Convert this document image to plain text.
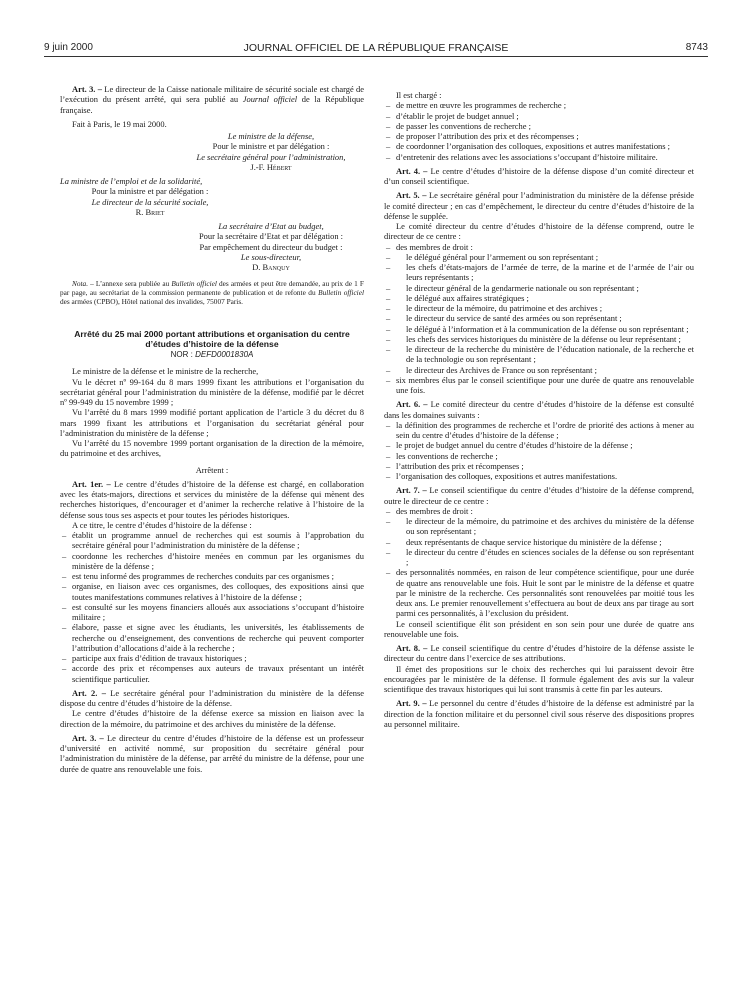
9 juin 2000	JOURNAL OFFICIEL DE LA RÉPUBLIQUE FRANÇAISE	8743

Art. 3. – Le directeur de la Caisse nationale militaire de sécurité sociale est chargé de l’exécution du présent arrêté, qui sera publié au Journal officiel de la République française.

Fait à Paris, le 19 mai 2000.

Le ministre de la défense,
Pour le ministre et par délégation :
Le secrétaire général pour l’administration,
J.-F. Hébert
La ministre de l’emploi et de la solidarité,
Pour la ministre et par délégation :
Le directeur de la sécurité sociale,
R. Briet
La secrétaire d’Etat au budget,
Pour la secrétaire d’Etat et par délégation :
Par empêchement du directeur du budget :
Le sous-directeur,
D. Banquy

Nota. – L’annexe sera publiée au Bulletin officiel des armées et peut être demandée, au prix de 1 F par page, au secrétariat de la commission permanente de publication et de refonte du Bulletin officiel des armées (CPBO), Hôtel national des invalides, 75007 Paris.

Arrêté du 25 mai 2000 portant attributions et organisation du centre d’études d’histoire de la défense
NOR : DEFD0001830A

Le ministre de la défense et le ministre de la recherche,

Vu le décret nº 99-164 du 8 mars 1999 fixant les attributions et l’organisation du secrétariat général pour l’administration du ministère de la défense, modifié par le décret nº 99-949 du 15 novembre 1999 ;

Vu l’arrêté du 8 mars 1999 modifié portant application de l’article 3 du décret du 8 mars 1999 fixant les attributions et l’organisation du secrétariat général pour l’administration du ministère de la défense ;

Vu l’arrêté du 15 novembre 1999 portant organisation de la direction de la mémoire, du patrimoine et des archives,

Arrêtent :

Art. 1er. – Le centre d’études d’histoire de la défense est chargé, en collaboration avec les états-majors, directions et services du ministère de la défense qui mènent des recherches historiques, d’encourager et d’animer la recherche relative à l’histoire de la défense sous tous ses aspects et pour toutes les périodes historiques.

A ce titre, le centre d’études d’histoire de la défense :

– établit un programme annuel de recherches qui est soumis à l’approbation du secrétaire général pour l’administration du ministère de la défense ;
– coordonne les recherches d’histoire menées en commun par les organismes du ministère de la défense ;
– est tenu informé des programmes de recherches conduits par ces organismes ;
– organise, en liaison avec ces organismes, des colloques, des expositions ainsi que toutes manifestations communes relatives à l’histoire de la défense ;
– est consulté sur les moyens financiers alloués aux associations s’occupant d’histoire militaire ;
– élabore, passe et signe avec les étudiants, les universités, les établissements de recherche ou d’enseignement, des conventions de recherche qui peuvent comporter l’attribution d’allocations d’aide à la recherche ;
– participe aux frais d’édition de travaux historiques ;
– accorde des prix et récompenses aux auteurs de travaux présentant un intérêt scientifique particulier.

Art. 2. – Le secrétaire général pour l’administration du ministère de la défense dispose du centre d’études d’histoire de la défense.

Le centre d’études d’histoire de la défense exerce sa mission en liaison avec la direction de la mémoire, du patrimoine et des archives du ministère de la défense.

Art. 3. – Le directeur du centre d’études d’histoire de la défense est un professeur d’université en activité nommé, sur proposition du secrétaire général pour l’administration du ministère de la défense, par arrêté du ministre de la défense, pour une durée de quatre ans renouvelable une fois.

Il est chargé :

– de mettre en œuvre les programmes de recherche ;
– d’établir le projet de budget annuel ;
– de passer les conventions de recherche ;
– de proposer l’attribution des prix et des récompenses ;
– de coordonner l’organisation des colloques, expositions et autres manifestations ;
– d’entretenir des relations avec les associations s’occupant d’histoire militaire.

Art. 4. – Le centre d’études d’histoire de la défense dispose d’un comité directeur et d’un conseil scientifique.

Art. 5. – Le secrétaire général pour l’administration du ministère de la défense préside le comité directeur ; en cas d’empêchement, le directeur du centre d’études d’histoire de la défense le supplée.

Le comité directeur du centre d’études d’histoire de la défense comprend, outre le directeur de ce centre :

– des membres de droit :
– le délégué général pour l’armement ou son représentant ;
– les chefs d’états-majors de l’armée de terre, de la marine et de l’armée de l’air ou leurs représentants ;
– le directeur général de la gendarmerie nationale ou son représentant ;
– le délégué aux affaires stratégiques ;
– le directeur de la mémoire, du patrimoine et des archives ;
– le directeur du service de santé des armées ou son représentant ;
– le délégué à l’information et à la communication de la défense ou son représentant ;
– les chefs des services historiques du ministère de la défense ou leur représentant ;
– le directeur de la recherche du ministère de l’éducation nationale, de la recherche et de la technologie ou son représentant ;
– le directeur des Archives de France ou son représentant ;
– six membres élus par le conseil scientifique pour une durée de quatre ans renouvelable une fois.

Art. 6. – Le comité directeur du centre d’études d’histoire de la défense est consulté dans les domaines suivants :

– la définition des programmes de recherche et l’ordre de priorité des actions à mener au sein du centre d’études d’histoire de la défense ;
– le projet de budget annuel du centre d’études d’histoire de la défense ;
– les conventions de recherche ;
– l’attribution des prix et récompenses ;
– l’organisation des colloques, expositions et autres manifestations.

Art. 7. – Le conseil scientifique du centre d’études d’histoire de la défense comprend, outre le directeur de ce centre :

– des membres de droit :
– le directeur de la mémoire, du patrimoine et des archives du ministère de la défense ou son représentant ;
– deux représentants de chaque service historique du ministère de la défense ;
– le directeur du centre d’études en sciences sociales de la défense ou son représentant ;
– des personnalités nommées, en raison de leur compétence scientifique, pour une durée de quatre ans renouvelable une fois. Huit le sont par le ministre de la défense et quatre par le ministre de la recherche. Ces personnalités sont renouvelées par moitié tous les deux ans. Le premier renouvellement s’effectuera au bout de deux ans par tirage au sort parmi ces personnalités, à l’exclusion du président.

Le conseil scientifique élit son président en son sein pour une durée de quatre ans renouvelable une fois.

Art. 8. – Le conseil scientifique du centre d’études d’histoire de la défense assiste le directeur du centre dans l’exercice de ses attributions.

Il émet des propositions sur le choix des recherches qui lui paraissent devoir être encouragées par le ministère de la défense. Il formule également des avis sur la valeur scientifique des travaux historiques qui lui sont transmis à cette fin par les auteurs.

Art. 9. – Le personnel du centre d’études d’histoire de la défense est administré par la direction de la fonction militaire et du personnel civil sous réserve des dispositions propres au personnel militaire.
